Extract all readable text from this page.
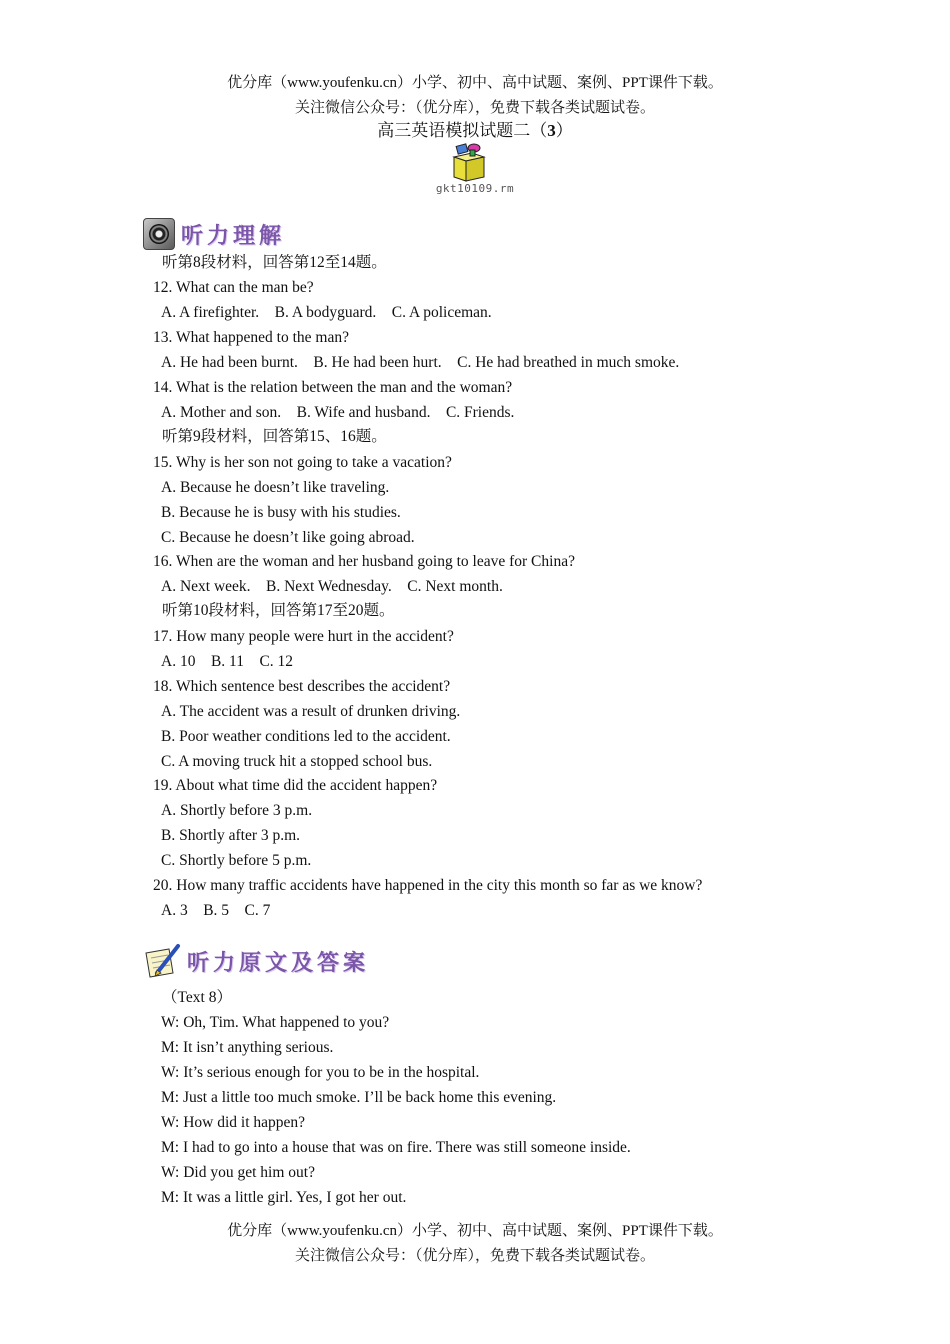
优分库（www.youfenku.cn）小学、初中、高中试题、案例、PPT课件下载。
关注微信公众号：（优分库），免费下载各类试题试卷。
高三英语模拟试题二（3）
gkt10109.rm
听力理解
听第8段材料，回答第12至14题。
12. What can the man be?
A. A firefighter.    B. A bodyguard.    C. A policeman.
13. What happened to the man?
A. He had been burnt.    B. He had been hurt.    C. He had breathed in much smoke.
14. What is the relation between the man and the woman?
A. Mother and son.    B. Wife and husband.    C. Friends.
听第9段材料，回答第15、16题。
15. Why is her son not going to take a vacation?
A. Because he doesn’t like traveling.
B. Because he is busy with his studies.
C. Because he doesn’t like going abroad.
16. When are the woman and her husband going to leave for China?
A. Next week.    B. Next Wednesday.    C. Next month.
听第10段材料，回答第17至20题。
17. How many people were hurt in the accident?
A. 10    B. 11    C. 12
18. Which sentence best describes the accident?
A. The accident was a result of drunken driving.
B. Poor weather conditions led to the accident.
C. A moving truck hit a stopped school bus.
19. About what time did the accident happen?
A. Shortly before 3 p.m.
B. Shortly after 3 p.m.
C. Shortly before 5 p.m.
20. How many traffic accidents have happened in the city this month so far as we know?
A. 3    B. 5    C. 7
听力原文及答案
（Text 8）
W: Oh, Tim. What happened to you?
M: It isn’t anything serious.
W: It’s serious enough for you to be in the hospital.
M: Just a little too much smoke. I’ll be back home this evening.
W: How did it happen?
M: I had to go into a house that was on fire. There was still someone inside.
W: Did you get him out?
M: It was a little girl. Yes, I got her out.
优分库（www.youfenku.cn）小学、初中、高中试题、案例、PPT课件下载。
关注微信公众号：（优分库），免费下载各类试题试卷。
